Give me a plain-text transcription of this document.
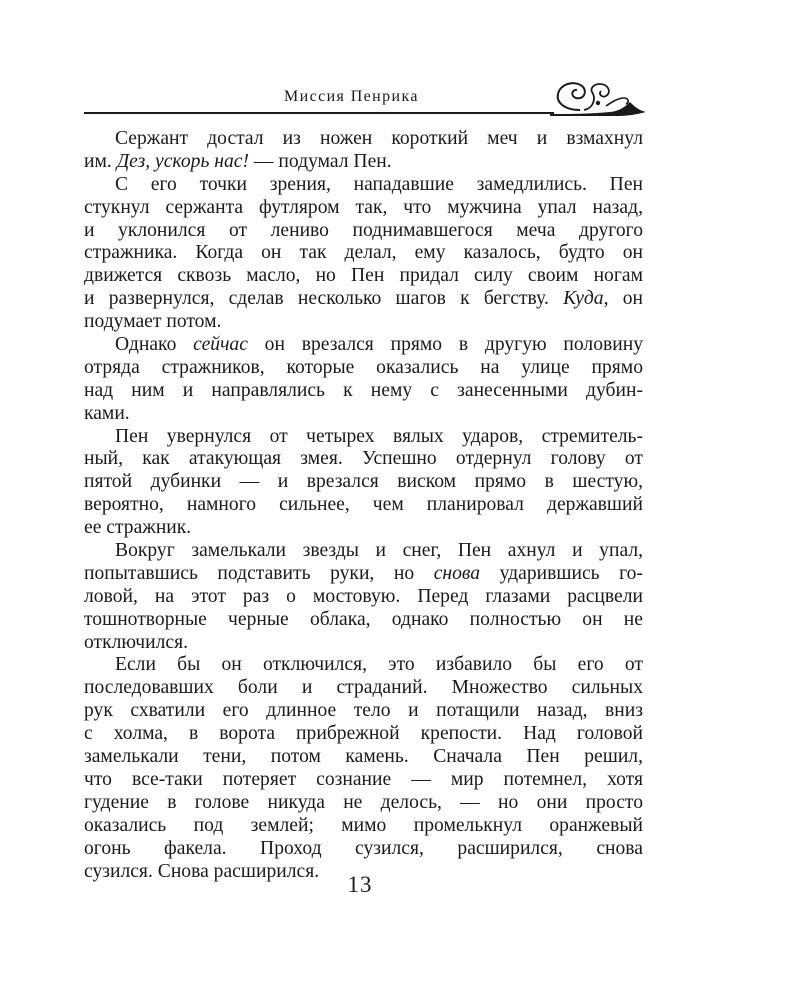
Миссия Пенрика
Сержант достал из ножен короткий меч и взмахнул
им. Дез, ускорь нас! — подумал Пен.
С его точки зрения, нападавшие замедлились. Пен
стукнул сержанта футляром так, что мужчина упал назад,
и уклонился от лениво поднимавшегося меча другого
стражника. Когда он так делал, ему казалось, будто он
движется сквозь масло, но Пен придал силу своим ногам
и развернулся, сделав несколько шагов к бегству. Куда, он
подумает потом.
Однако сейчас он врезался прямо в другую половину
отряда стражников, которые оказались на улице прямо
над ним и направлялись к нему с занесенными дубин-
ками.
Пен увернулся от четырех вялых ударов, стремитель-
ный, как атакующая змея. Успешно отдернул голову от
пятой дубинки — и врезался виском прямо в шестую,
вероятно, намного сильнее, чем планировал державший
ее стражник.
Вокруг замелькали звезды и снег, Пен ахнул и упал,
попытавшись подставить руки, но снова ударившись го-
ловой, на этот раз о мостовую. Перед глазами расцвели
тошнотворные черные облака, однако полностью он не
отключился.
Если бы он отключился, это избавило бы его от
последовавших боли и страданий. Множество сильных
рук схватили его длинное тело и потащили назад, вниз
с холма, в ворота прибрежной крепости. Над головой
замелькали тени, потом камень. Сначала Пен решил,
что все-таки потеряет сознание — мир потемнел, хотя
гудение в голове никуда не делось, — но они просто
оказались под землей; мимо промелькнул оранжевый
огонь факела. Проход сузился, расширился, снова
сузился. Снова расширился.
13
